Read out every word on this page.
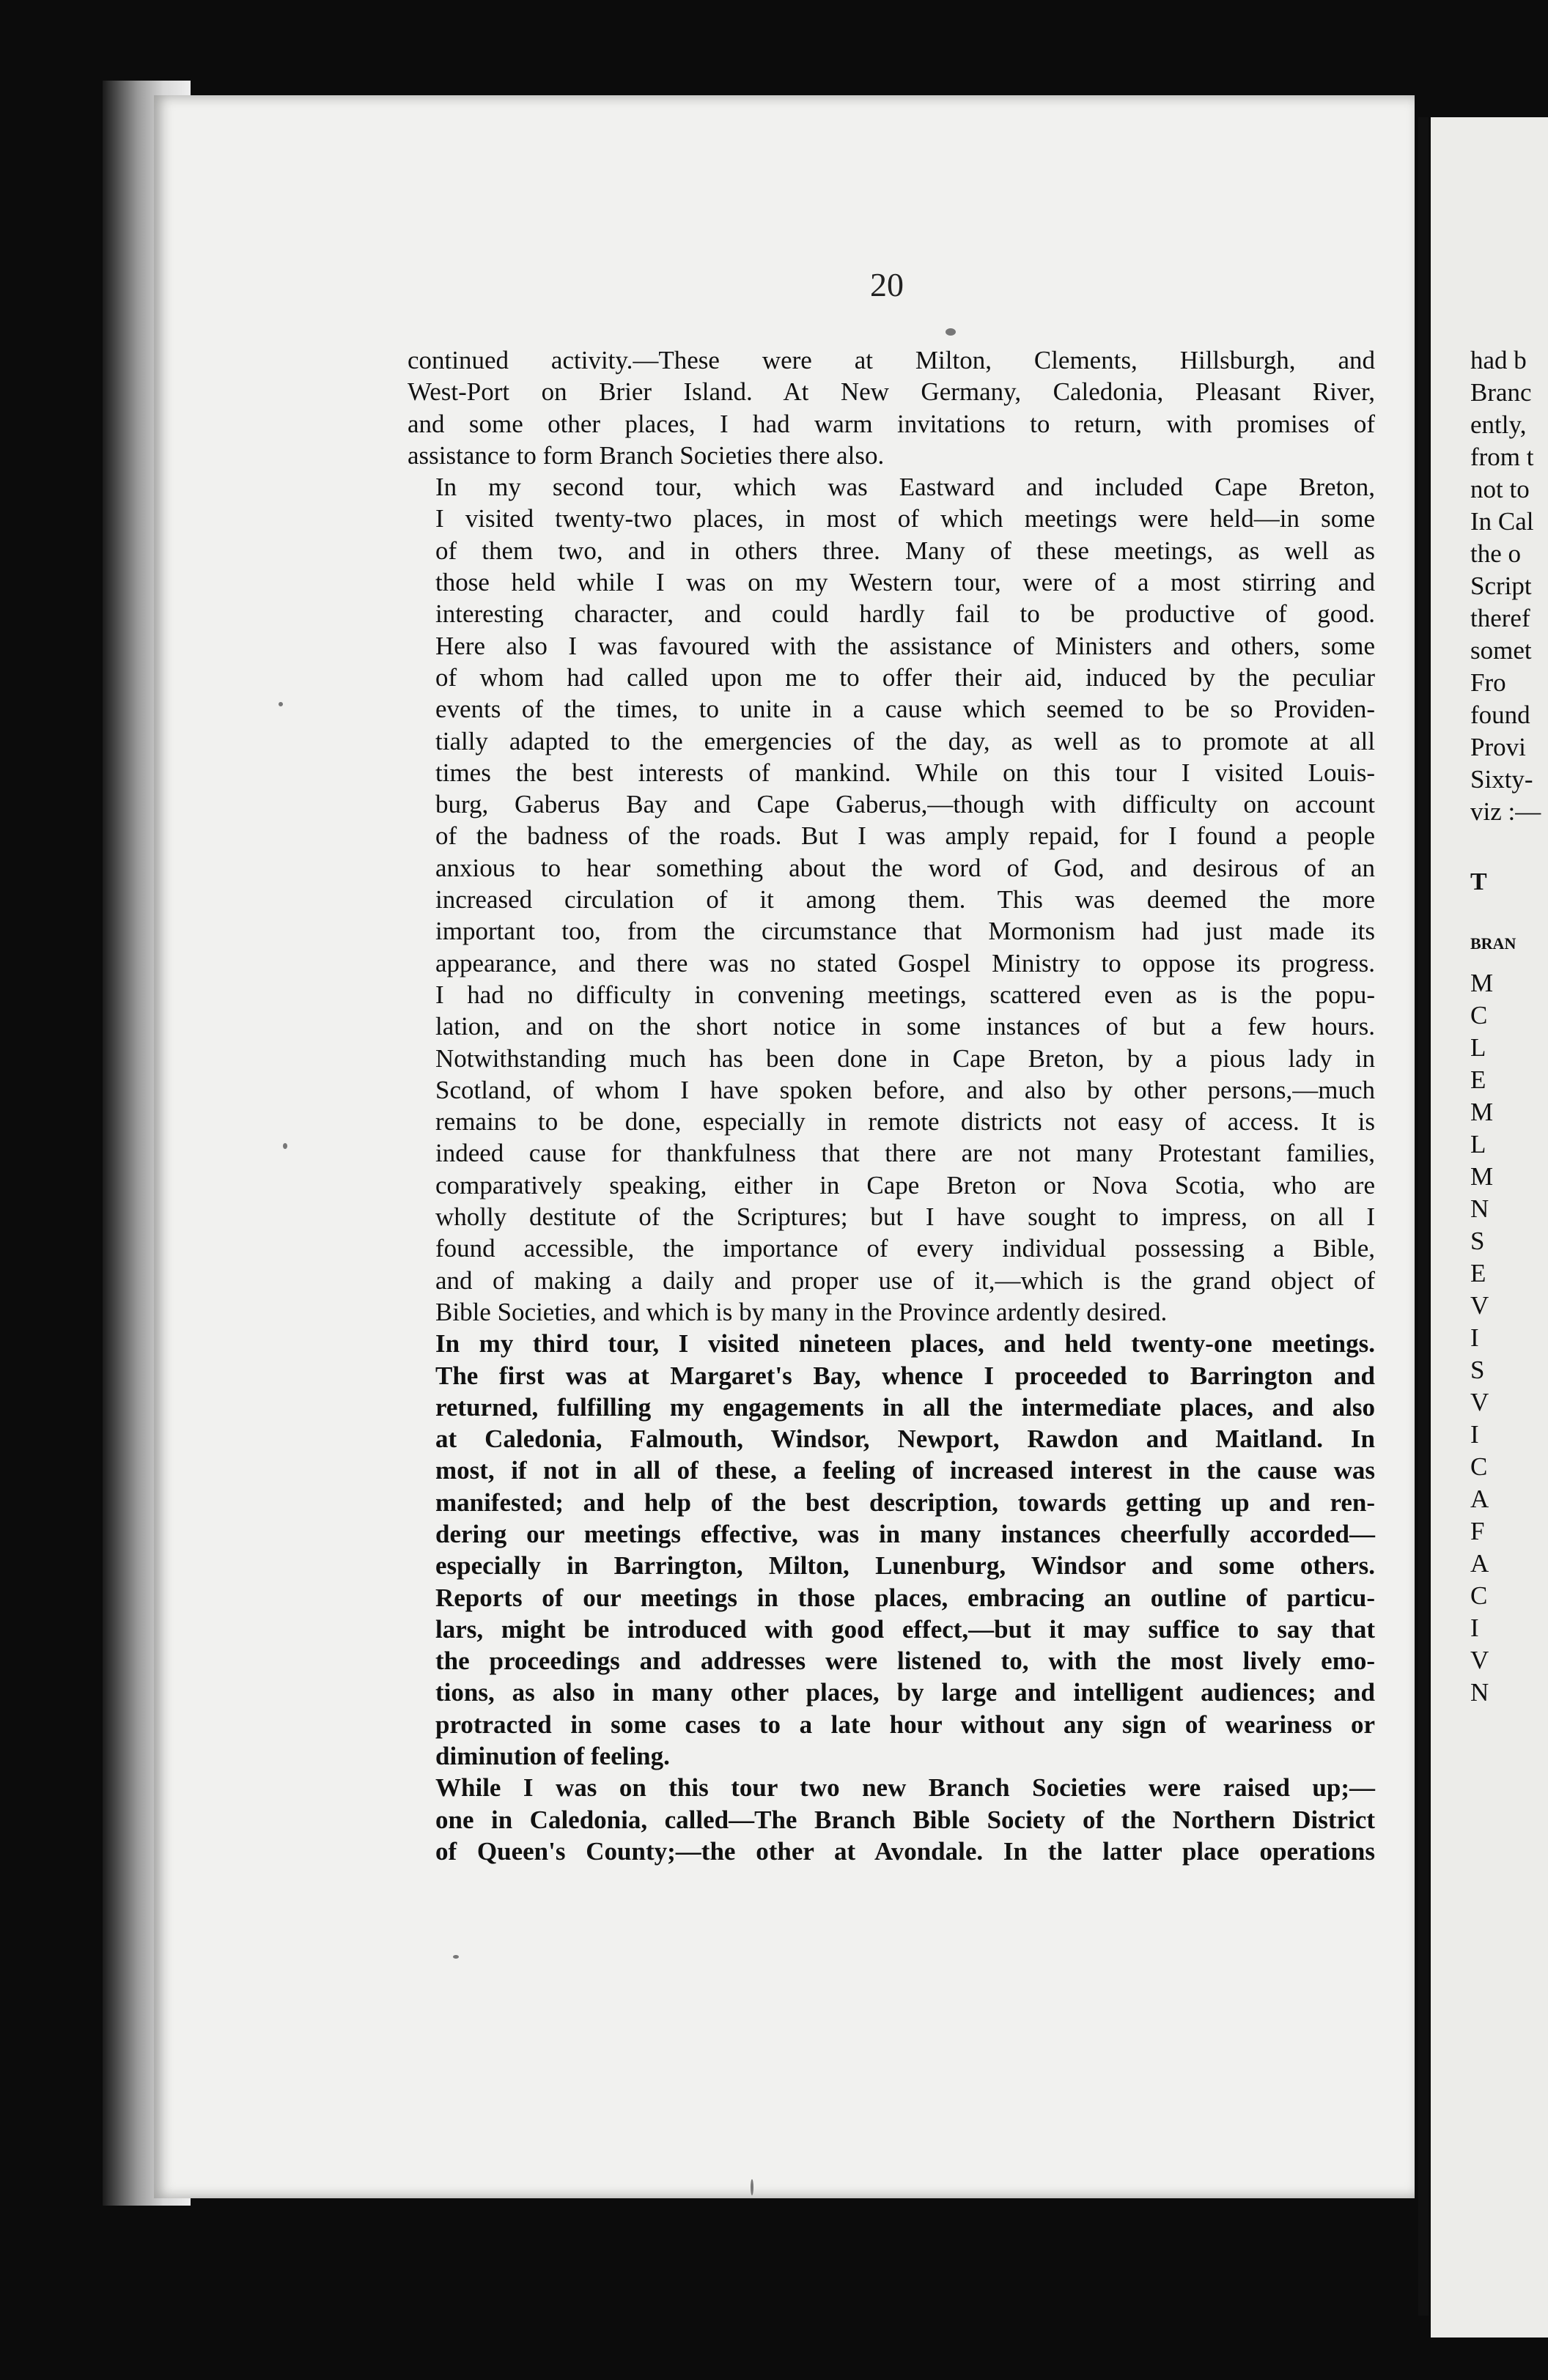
20

continued activity.—These were at Milton, Clements, Hillsburgh, and
West-Port on Brier Island. At New Germany, Caledonia, Pleasant River,
and some other places, I had warm invitations to return, with promises of
assistance to form Branch Societies there also.

In my second tour, which was Eastward and included Cape Breton,
I visited twenty-two places, in most of which meetings were held—in some
of them two, and in others three. Many of these meetings, as well as
those held while I was on my Western tour, were of a most stirring and
interesting character, and could hardly fail to be productive of good.
Here also I was favoured with the assistance of Ministers and others, some
of whom had called upon me to offer their aid, induced by the peculiar
events of the times, to unite in a cause which seemed to be so Providen-
tially adapted to the emergencies of the day, as well as to promote at all
times the best interests of mankind. While on this tour I visited Louis-
burg, Gaberus Bay and Cape Gaberus,—though with difficulty on account
of the badness of the roads. But I was amply repaid, for I found a people
anxious to hear something about the word of God, and desirous of an
increased circulation of it among them. This was deemed the more
important too, from the circumstance that Mormonism had just made its
appearance, and there was no stated Gospel Ministry to oppose its progress.
I had no difficulty in convening meetings, scattered even as is the popu-
lation, and on the short notice in some instances of but a few hours.
Notwithstanding much has been done in Cape Breton, by a pious lady in
Scotland, of whom I have spoken before, and also by other persons,—much
remains to be done, especially in remote districts not easy of access. It is
indeed cause for thankfulness that there are not many Protestant families,
comparatively speaking, either in Cape Breton or Nova Scotia, who are
wholly destitute of the Scriptures; but I have sought to impress, on all I
found accessible, the importance of every individual possessing a Bible,
and of making a daily and proper use of it,—which is the grand object of
Bible Societies, and which is by many in the Province ardently desired.

In my third tour, I visited nineteen places, and held twenty-one meetings.
The first was at Margaret's Bay, whence I proceeded to Barrington and
returned, fulfilling my engagements in all the intermediate places, and also
at Caledonia, Falmouth, Windsor, Newport, Rawdon and Maitland. In
most, if not in all of these, a feeling of increased interest in the cause was
manifested; and help of the best description, towards getting up and ren-
dering our meetings effective, was in many instances cheerfully accorded—
especially in Barrington, Milton, Lunenburg, Windsor and some others.
Reports of our meetings in those places, embracing an outline of particu-
lars, might be introduced with good effect,—but it may suffice to say that
the proceedings and addresses were listened to, with the most lively emo-
tions, as also in many other places, by large and intelligent audiences; and
protracted in some cases to a late hour without any sign of weariness or
diminution of feeling.

While I was on this tour two new Branch Societies were raised up;—
one in Caledonia, called—The Branch Bible Society of the Northern District
of Queen's County;—the other at Avondale. In the latter place operations

had b
Branc
ently,
from t
not to
In Cal
the o
Script
theref
somet
Fro
found
Provi
Sixty-
viz :—
T
BRAN
M
C
L
E
M
L
M
N
S
E
V
I
S
V
I
C
A
F
A
C
I
V
N
